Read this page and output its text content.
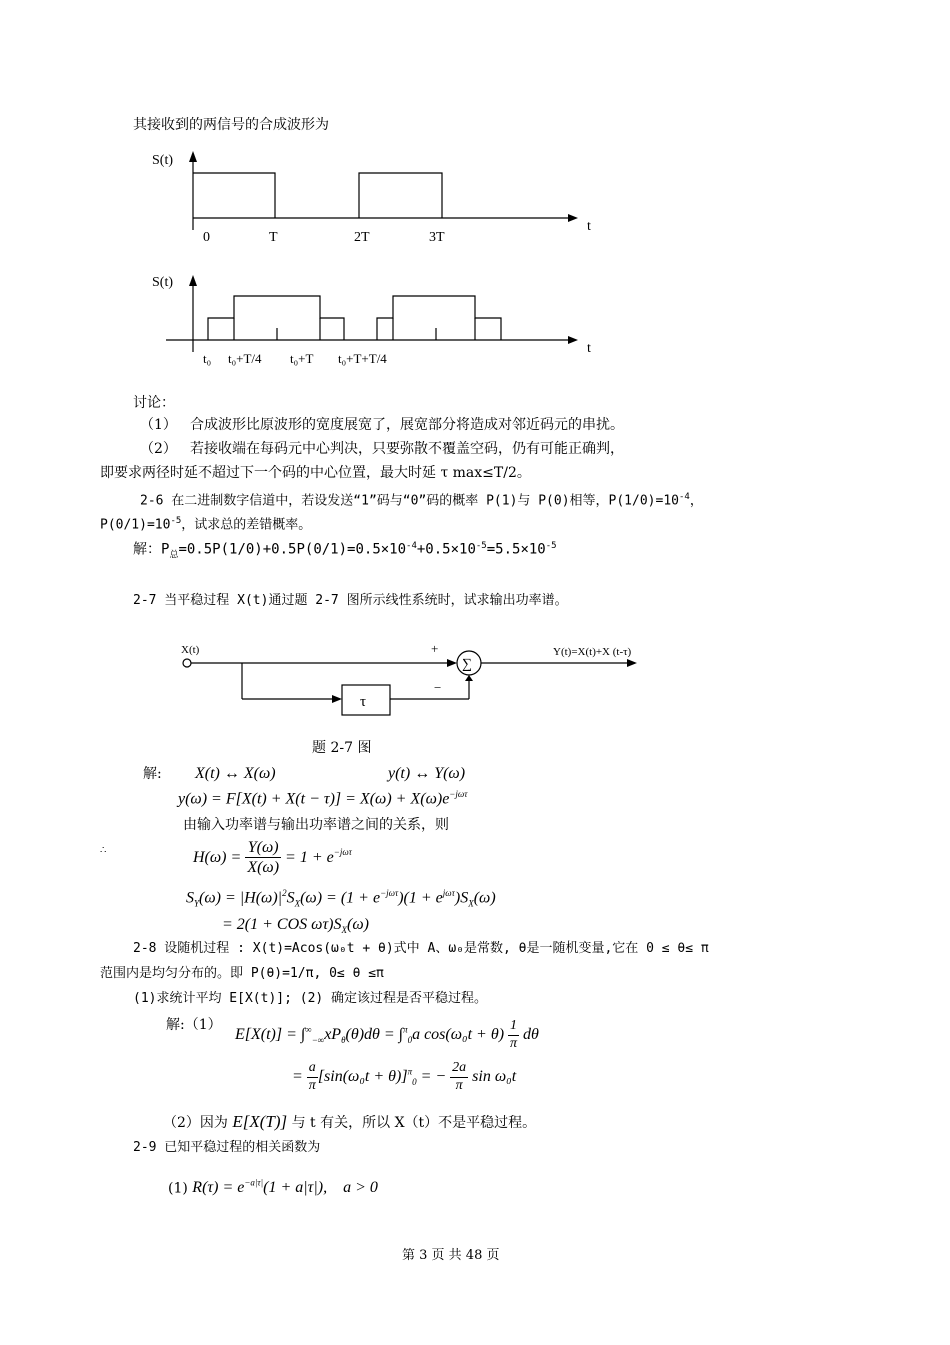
其接收到的两信号的合成波形为
S(t)
t
0	T	2T	3T
S(t)
t
t₀ t₀+T/4 t₀+T t₀+T+T/4
讨论：
（1） 合成波形比原波形的宽度展宽了，展宽部分将造成对邻近码元的串扰。
（2） 若接收端在每码元中心判决，只要弥散不覆盖空码，仍有可能正确判，
即要求两径时延不超过下一个码的中心位置，最大时延 τ max≤T/2。
2-6 在二进制数字信道中，若设发送“1”码与“0”码的概率 P(1)与 P(0)相等，$P(1/0)=10^{-4}$，
$P(0/1)=10^{-5}$，试求总的差错概率。
解：$P_总=0.5P(1/0)+0.5P(0/1)=0.5\times 10^{-4}+0.5\times 10^{-5}=5.5\times 10^{-5}$
2-7 当平稳过程 X(t)通过题 2-7 图所示线性系统时，试求输出功率谱。
∑
τ
X(t)	+
−
Y(t)=X(t)+X (t-τ)
题 2-7 图
解: X(t) ↔ X(ω)	y(t) ↔ Y(ω)
$y(\omega) = F[X(t) + X(t - \tau)] = X(\omega) + X(\omega)e^{-j\omega\tau}$
由输入功率谱与输出功率谱之间的关系，则
∴	$H(\omega) = \frac{Y(\omega)}{X(\omega)} = 1 + e^{-j\omega\tau}$
$S_Y(\omega) = |H(\omega)|^2S_X(\omega) = (1 + e^{-j\omega\tau})(1 + e^{j\omega\tau})S_X(\omega)$
= 2(1 + COS $\omega\tau)S_X(\omega)$
2-8 设随机过程 : X(t)=Acos(ω₀t + θ)式中 A、ω₀是常数, θ是一随机变量,它在 0 ≤ θ≤ π
范围内是均匀分布的。即 P(θ)=1/π, 0≤ θ ≤π
(1)求统计平均 E[X(t)]; (2) 确定该过程是否平稳过程。
解:（1）
$E[X(t)] = \int^\infty_{-\infty}xP_\theta(\theta)d\theta = \int^\pi_0a$ $\cos(\omega_0t + \theta) \frac{1}{\pi}$ dθ
= $\frac{a}{\pi} [\sin(\omega_0t + \theta)]^\pi_0$ = − $\frac{2a}{\pi}$ sin ω₀t
（2）因为 E[X(T)] 与 t 有关，所以 X（t）不是平稳过程。
2-9 已知平稳过程的相关函数为
(1) $R(\tau) = e^{-a|\tau|}(1 + a|\tau|)$, a > 0
第 3 页 共 48 页
